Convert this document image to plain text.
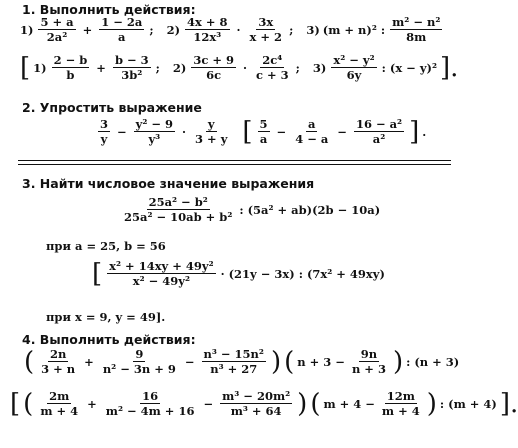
1. Выполнить действия:
$1) \frac{5 + a}{\text{2a²}} + \frac{1 - 2a}{a}$ ; $2) \frac{4x + 8}{\text{12x³}} \cdot \frac{3x}{x + 2}$ ; 3) (m + n)² : $\frac{\text{m² − n²}}{8m}$
[ $1) \frac{2 - b}{b} + \frac{b - 3}{\text{3b²}}$ ; $2) \frac{3c + 9}{6c} \cdot \frac{\text{2c⁴}}{c + 3}$ ; $3) \frac{\text{x² − y²}}{6y}$ : (x − y)² ].
2. Упростить выражение
$\frac{3}{y} - \frac{\text{y² − 9}}{\text{y³}} \cdot \frac{y}{3 + y}$ [ $\frac{5}{a} - \frac{a}{4 - a} - \frac{\text{16 − a²}}{\text{a²}}$ ] .
3. Найти числовое значение выражения
$\frac{\text{25a² − b²}}{\text{25a² − 10ab + b²}}$ : (5a² + ab)(2b − 10a)
при a = 25, b = 56
[ $\frac{\text{x² + 14xy + 49y²}}{\text{x² − 49y²}} \cdot (21y - 3x)$ : (7x² + 49xy)
при x = 9, y = 49].
4. Выполнить действия:
( $\frac{2n}{3 + n} + \frac{9}{\text{n² − 3n + 9}} - \frac{\text{n³ − 15n²}}{\text{n³ + 27}}$ ) ( $n + 3 - \frac{9n}{n + 3}$ ) : (n + 3)
[ ( $\frac{2m}{m + 4} + \frac{16}{\text{m² − 4m + 16}} - \frac{\text{m³ − 20m²}}{\text{m³ + 64}}$ ) ( $m + 4 - \frac{12m}{m + 4}$ ) : (m + 4) ].
